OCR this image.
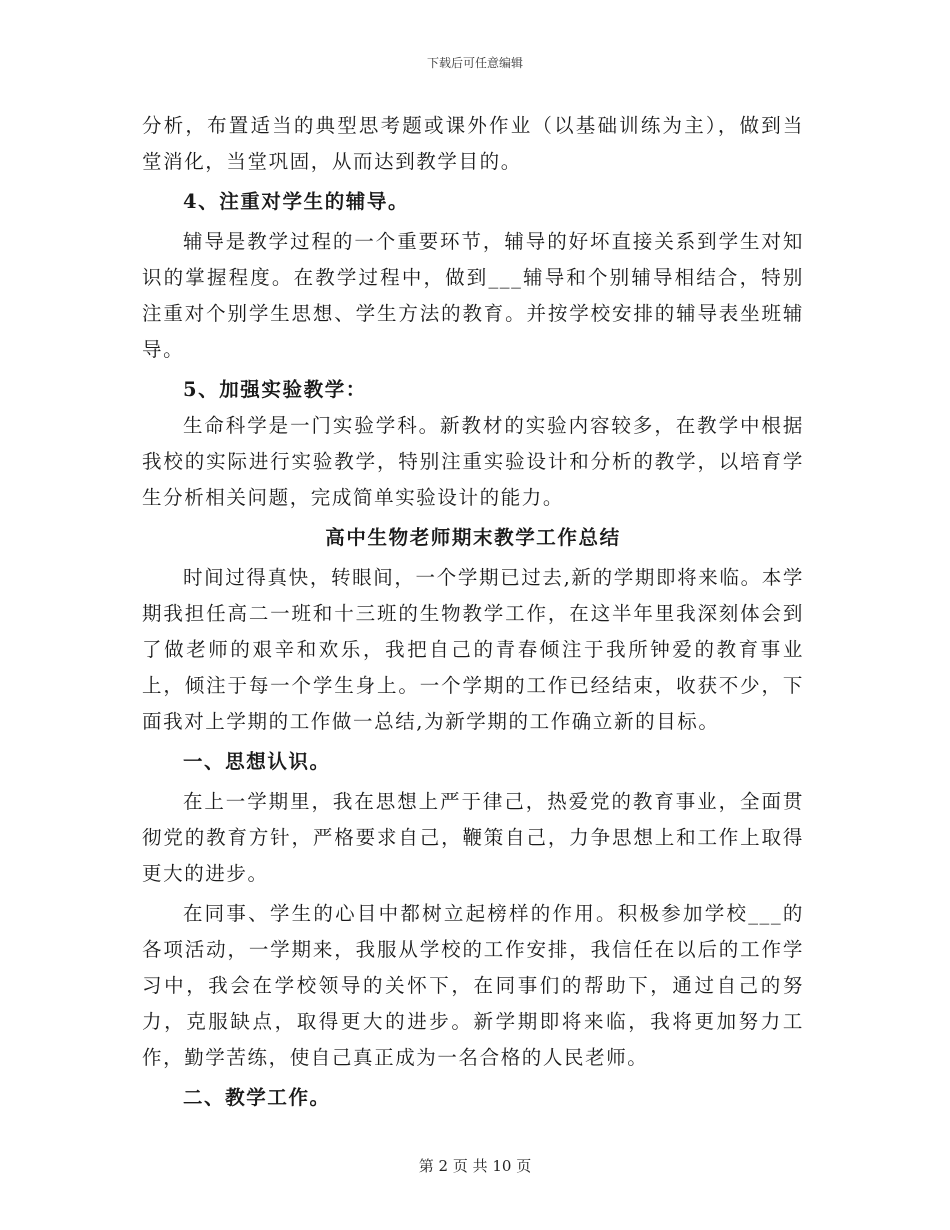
下载后可任意编辑

分析，布置适当的典型思考题或课外作业（以基础训练为主），做到当堂消化，当堂巩固，从而达到教学目的。

4、注重对学生的辅导。

辅导是教学过程的一个重要环节，辅导的好坏直接关系到学生对知识的掌握程度。在教学过程中，做到___辅导和个别辅导相结合，特别注重对个别学生思想、学生方法的教育。并按学校安排的辅导表坐班辅导。

5、加强实验教学：

生命科学是一门实验学科。新教材的实验内容较多，在教学中根据我校的实际进行实验教学，特别注重实验设计和分析的教学，以培育学生分析相关问题，完成简单实验设计的能力。

高中生物老师期末教学工作总结

时间过得真快，转眼间，一个学期已过去,新的学期即将来临。本学期我担任高二一班和十三班的生物教学工作，在这半年里我深刻体会到了做老师的艰辛和欢乐，我把自己的青春倾注于我所钟爱的教育事业上，倾注于每一个学生身上。一个学期的工作已经结束，收获不少，下面我对上学期的工作做一总结,为新学期的工作确立新的目标。

一、思想认识。

在上一学期里，我在思想上严于律己，热爱党的教育事业，全面贯彻党的教育方针，严格要求自己，鞭策自己，力争思想上和工作上取得更大的进步。

在同事、学生的心目中都树立起榜样的作用。积极参加学校___的各项活动，一学期来，我服从学校的工作安排，我信任在以后的工作学习中，我会在学校领导的关怀下，在同事们的帮助下，通过自己的努力，克服缺点，取得更大的进步。新学期即将来临，我将更加努力工作，勤学苦练，使自己真正成为一名合格的人民老师。

二、教学工作。

第 2 页 共 10 页
